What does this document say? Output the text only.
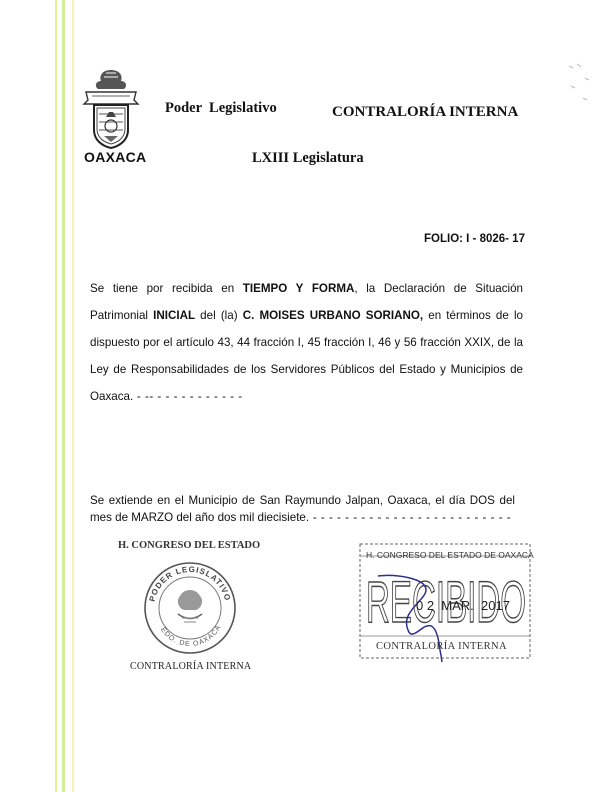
OAXACA
Poder  Legislativo	CONTRALORÍA INTERNA
LXIII Legislatura
FOLIO: I - 8026- 17
Se tiene por recibida en TIEMPO Y FORMA, la Declaración de Situación Patrimonial INICIAL del (la) C. MOISES URBANO SORIANO, en términos de lo dispuesto por el artículo 43, 44 fracción I, 45 fracción I, 46 y 56 fracción XXIX, de la Ley de Responsabilidades de los Servidores Públicos del Estado y Municipios de Oaxaca. - -- - - - - - - - - - - -
Se extiende en el Municipio de San Raymundo Jalpan, Oaxaca, el día DOS del mes de MARZO del año dos mil diecisiete. - - - - - - - - - - - - - - - - - - - - - - - - -
H. CONGRESO DEL ESTADO
PODER LEGISLATIVO
EDO. DE OAXACA
CONTRALORÍA INTERNA
RECIBIDO
H. CONGRESO DEL ESTADO DE OAXACA
0 2  MAR.  2017
CONTRALORÍA INTERNA
